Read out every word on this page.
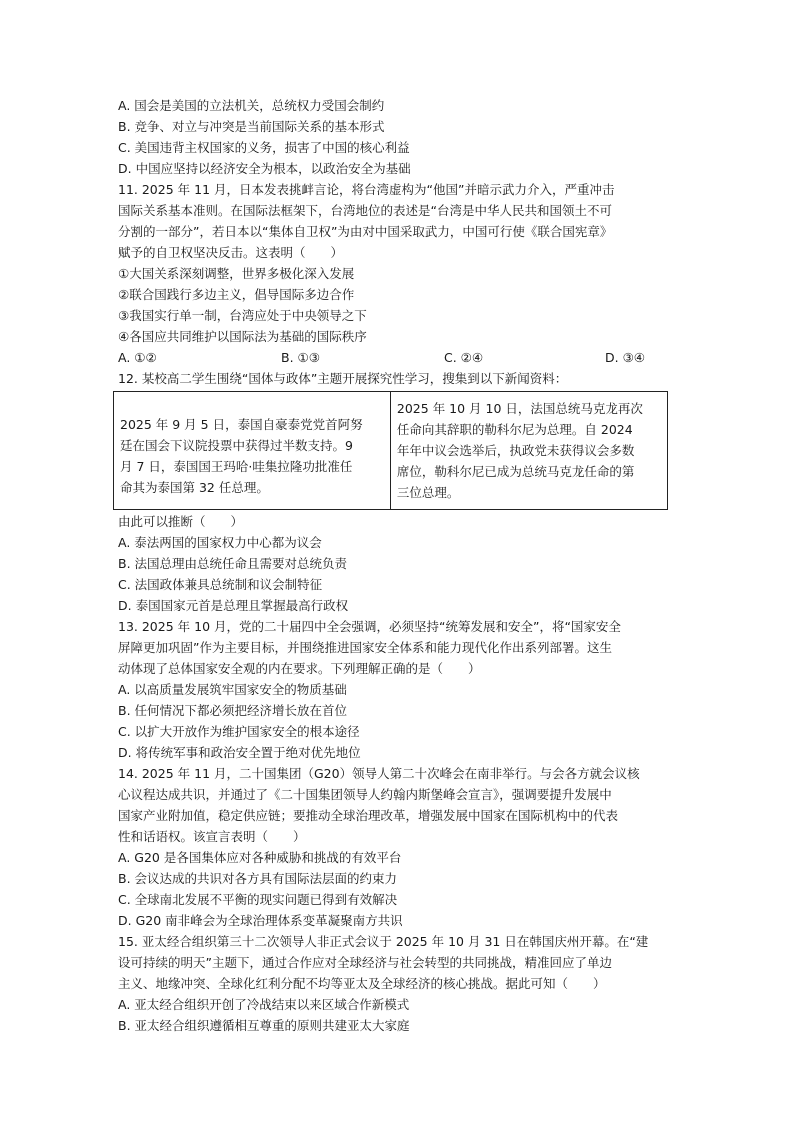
A. 国会是美国的立法机关，总统权力受国会制约
B. 竞争、对立与冲突是当前国际关系的基本形式
C. 美国违背主权国家的义务，损害了中国的核心利益
D. 中国应坚持以经济安全为根本，以政治安全为基础
11. 2025 年 11 月，日本发表挑衅言论，将台湾虚构为“他国”并暗示武力介入，严重冲击
国际关系基本准则。在国际法框架下，台湾地位的表述是“台湾是中华人民共和国领土不可
分割的一部分”，若日本以“集体自卫权”为由对中国采取武力，中国可行使《联合国宪章》
赋予的自卫权坚决反击。这表明（　　）
①大国关系深刻调整，世界多极化深入发展
②联合国践行多边主义，倡导国际多边合作
③我国实行单一制，台湾应处于中央领导之下
④各国应共同维护以国际法为基础的国际秩序
A. ①②	B. ①③	C. ②④	D. ③④
12. 某校高二学生围绕“国体与政体”主题开展探究性学习，搜集到以下新闻资料：
2025 年 9 月 5 日，泰国自豪泰党党首阿努
廷在国会下议院投票中获得过半数支持。9
月 7 日，泰国国王玛哈·哇集拉隆功批准任
命其为泰国第 32 任总理。

2025 年 10 月 10 日，法国总统马克龙再次
任命向其辞职的勒科尔尼为总理。自 2024
年年中议会选举后，执政党未获得议会多数
席位，勒科尔尼已成为总统马克龙任命的第
三位总理。
由此可以推断（　　）
A. 泰法两国的国家权力中心都为议会
B. 法国总理由总统任命且需要对总统负责
C. 法国政体兼具总统制和议会制特征
D. 泰国国家元首是总理且掌握最高行政权
13. 2025 年 10 月，党的二十届四中全会强调，必须坚持“统筹发展和安全”，将“国家安全
屏障更加巩固”作为主要目标，并围绕推进国家安全体系和能力现代化作出系列部署。这生
动体现了总体国家安全观的内在要求。下列理解正确的是（　　）
A. 以高质量发展筑牢国家安全的物质基础
B. 任何情况下都必须把经济增长放在首位
C. 以扩大开放作为维护国家安全的根本途径
D. 将传统军事和政治安全置于绝对优先地位
14. 2025 年 11 月，二十国集团（G20）领导人第二十次峰会在南非举行。与会各方就会议核
心议程达成共识，并通过了《二十国集团领导人约翰内斯堡峰会宣言》，强调要提升发展中
国家产业附加值，稳定供应链；要推动全球治理改革，增强发展中国家在国际机构中的代表
性和话语权。该宣言表明（　　）
A. G20 是各国集体应对各种威胁和挑战的有效平台
B. 会议达成的共识对各方具有国际法层面的约束力
C. 全球南北发展不平衡的现实问题已得到有效解决
D. G20 南非峰会为全球治理体系变革凝聚南方共识
15. 亚太经合组织第三十二次领导人非正式会议于 2025 年 10 月 31 日在韩国庆州开幕。在“建
设可持续的明天”主题下，通过合作应对全球经济与社会转型的共同挑战，精准回应了单边
主义、地缘冲突、全球化红利分配不均等亚太及全球经济的核心挑战。据此可知（　　）
A. 亚太经合组织开创了冷战结束以来区域合作新模式
B. 亚太经合组织遵循相互尊重的原则共建亚太大家庭
